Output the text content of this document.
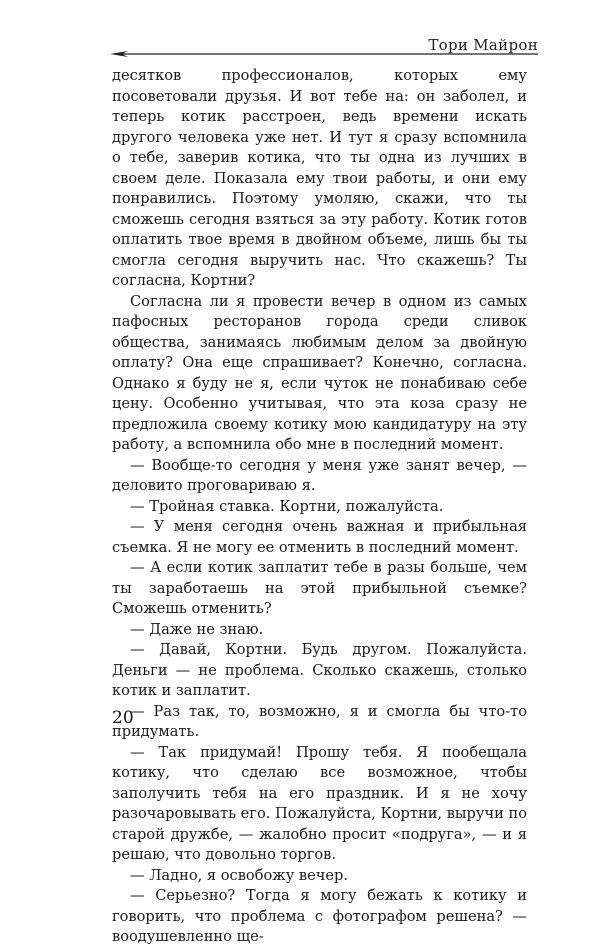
Тори Майрон

десятков профессионалов, которых ему посоветовали друзья. И вот тебе на: он заболел, и теперь котик расстроен, ведь времени искать другого человека уже нет. И тут я сразу вспомнила о тебе, заверив котика, что ты одна из лучших в своем деле. Показала ему твои работы, и они ему понравились. Поэтому умоляю, скажи, что ты сможешь сегодня взяться за эту работу. Котик готов оплатить твое время в двойном объеме, лишь бы ты смогла сегодня выручить нас. Что скажешь? Ты согласна, Кортни?

Согласна ли я провести вечер в одном из самых пафосных ресторанов города среди сливок общества, занимаясь любимым делом за двойную оплату? Она еще спрашивает? Конечно, согласна. Однако я буду не я, если чуток не понабиваю себе цену. Особенно учитывая, что эта коза сразу не предложила своему котику мою кандидатуру на эту работу, а вспомнила обо мне в последний момент.

— Вообще-то сегодня у меня уже занят вечер, — деловито проговариваю я.

— Тройная ставка. Кортни, пожалуйста.

— У меня сегодня очень важная и прибыльная съемка. Я не могу ее отменить в последний момент.

— А если котик заплатит тебе в разы больше, чем ты заработаешь на этой прибыльной съемке? Сможешь отменить?

— Даже не знаю.

— Давай, Кортни. Будь другом. Пожалуйста. Деньги — не проблема. Сколько скажешь, столько котик и заплатит.

— Раз так, то, возможно, я и смогла бы что-то придумать.

— Так придумай! Прошу тебя. Я пообещала котику, что сделаю все возможное, чтобы заполучить тебя на его праздник. И я не хочу разочаровывать его. Пожалуйста, Кортни, выручи по старой дружбе, — жалобно просит «подруга», — и я решаю, что довольно торгов.

— Ладно, я освобожу вечер.

— Серьезно? Тогда я могу бежать к котику и говорить, что проблема с фотографом решена? — воодушевленно ще-

20
